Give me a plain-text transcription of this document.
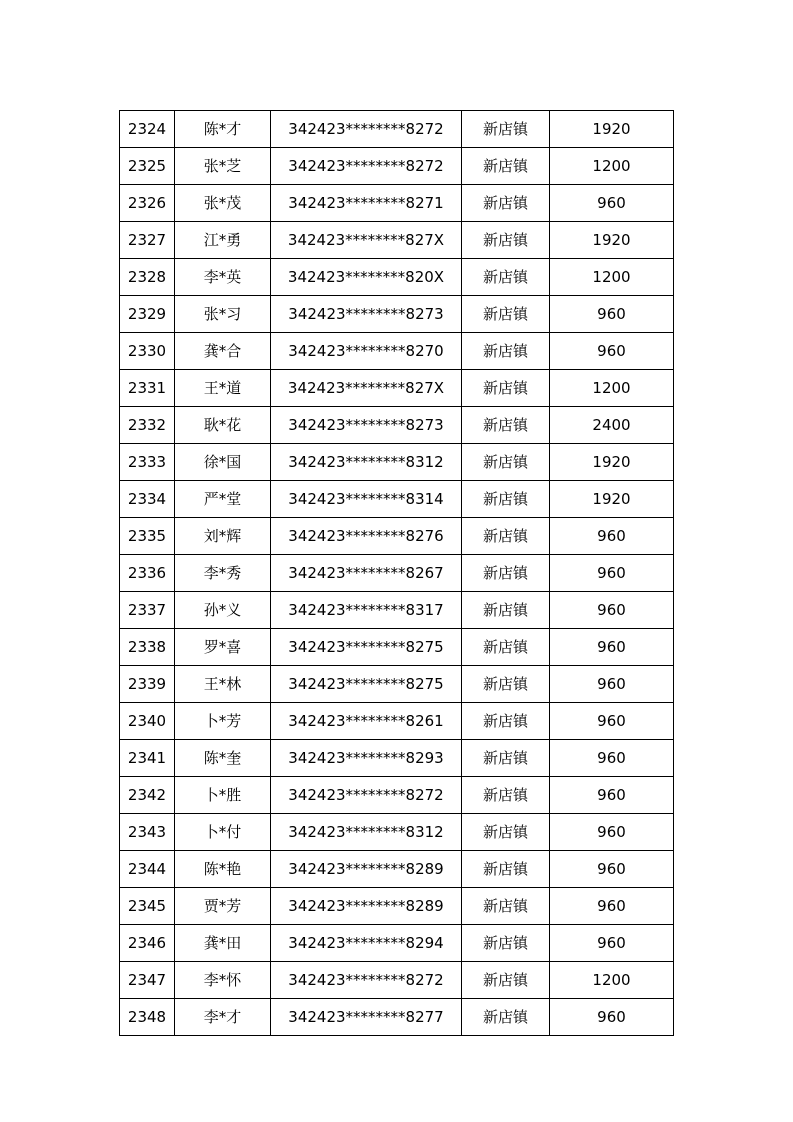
2324	陈*才	342423********8272	新店镇	1920
2325	张*芝	342423********8272	新店镇	1200
2326	张*茂	342423********8271	新店镇	960
2327	江*勇	342423********827X	新店镇	1920
2328	李*英	342423********820X	新店镇	1200
2329	张*习	342423********8273	新店镇	960
2330	龚*合	342423********8270	新店镇	960
2331	王*道	342423********827X	新店镇	1200
2332	耿*花	342423********8273	新店镇	2400
2333	徐*国	342423********8312	新店镇	1920
2334	严*堂	342423********8314	新店镇	1920
2335	刘*辉	342423********8276	新店镇	960
2336	李*秀	342423********8267	新店镇	960
2337	孙*义	342423********8317	新店镇	960
2338	罗*喜	342423********8275	新店镇	960
2339	王*林	342423********8275	新店镇	960
2340	卜*芳	342423********8261	新店镇	960
2341	陈*奎	342423********8293	新店镇	960
2342	卜*胜	342423********8272	新店镇	960
2343	卜*付	342423********8312	新店镇	960
2344	陈*艳	342423********8289	新店镇	960
2345	贾*芳	342423********8289	新店镇	960
2346	龚*田	342423********8294	新店镇	960
2347	李*怀	342423********8272	新店镇	1200
2348	李*才	342423********8277	新店镇	960
